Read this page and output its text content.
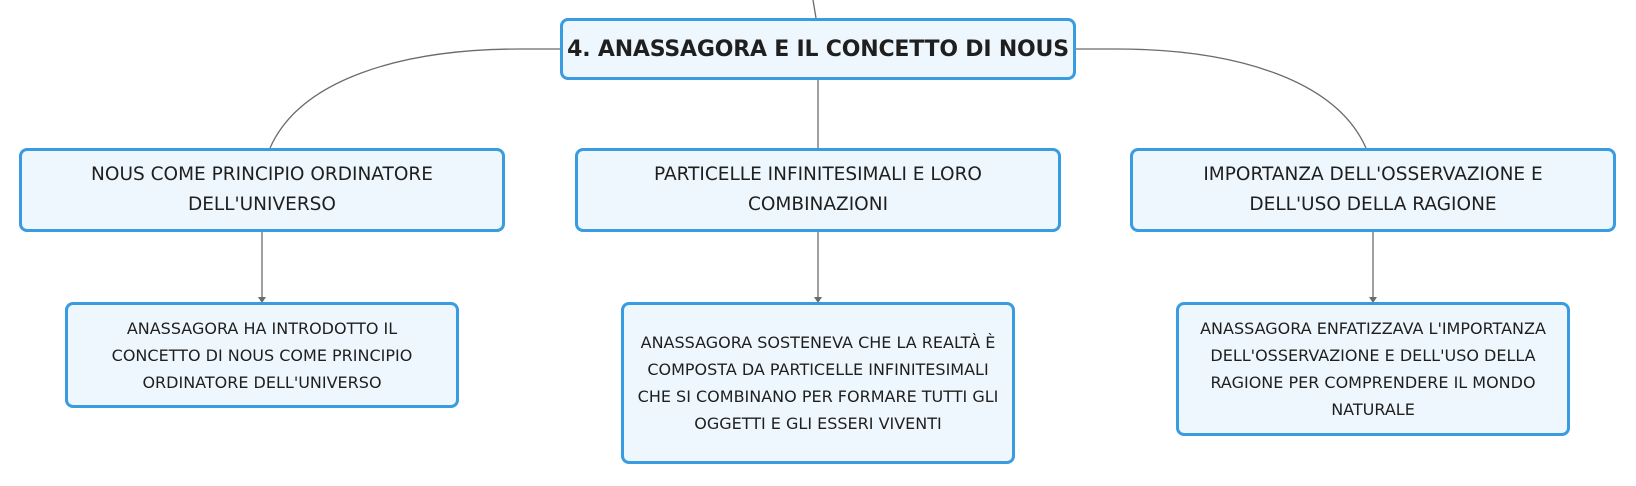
4. ANASSAGORA E IL CONCETTO DI NOUS
NOUS COME PRINCIPIO ORDINATORE DELL'UNIVERSO
PARTICELLE INFINITESIMALI E LORO COMBINAZIONI
IMPORTANZA DELL'OSSERVAZIONE E DELL'USO DELLA RAGIONE
ANASSAGORA HA INTRODOTTO IL CONCETTO DI NOUS COME PRINCIPIO ORDINATORE DELL'UNIVERSO
ANASSAGORA SOSTENEVA CHE LA REALTÀ È COMPOSTA DA PARTICELLE INFINITESIMALI CHE SI COMBINANO PER FORMARE TUTTI GLI OGGETTI E GLI ESSERI VIVENTI
ANASSAGORA ENFATIZZAVA L'IMPORTANZA DELL'OSSERVAZIONE E DELL'USO DELLA RAGIONE PER COMPRENDERE IL MONDO NATURALE
